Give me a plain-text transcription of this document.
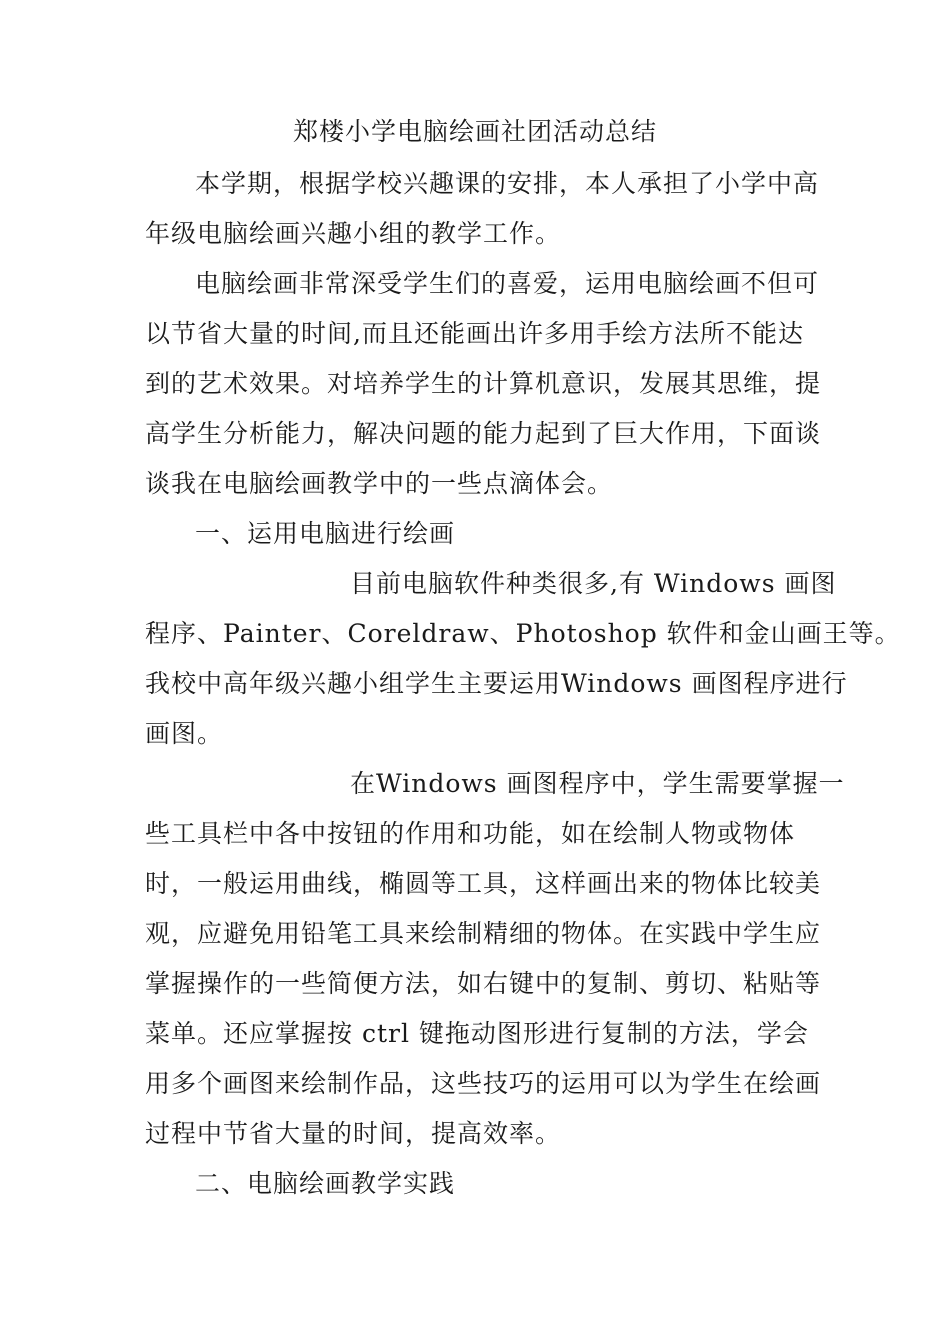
郑楼小学电脑绘画社团活动总结
本学期，根据学校兴趣课的安排，本人承担了小学中高
年级电脑绘画兴趣小组的教学工作。
电脑绘画非常深受学生们的喜爱，运用电脑绘画不但可
以节省大量的时间,而且还能画出许多用手绘方法所不能达
到的艺术效果。对培养学生的计算机意识，发展其思维，提
高学生分析能力，解决问题的能力起到了巨大作用，下面谈
谈我在电脑绘画教学中的一些点滴体会。
一、运用电脑进行绘画
目前电脑软件种类很多,有 Windows 画图
程序、Painter、Coreldraw、Photoshop 软件和金山画王等。
我校中高年级兴趣小组学生主要运用Windows 画图程序进行
画图。
在Windows 画图程序中，学生需要掌握一
些工具栏中各中按钮的作用和功能，如在绘制人物或物体
时，一般运用曲线，椭圆等工具，这样画出来的物体比较美
观，应避免用铅笔工具来绘制精细的物体。在实践中学生应
掌握操作的一些简便方法，如右键中的复制、剪切、粘贴等
菜单。还应掌握按 ctrl 键拖动图形进行复制的方法，学会
用多个画图来绘制作品，这些技巧的运用可以为学生在绘画
过程中节省大量的时间，提高效率。
二、电脑绘画教学实践
